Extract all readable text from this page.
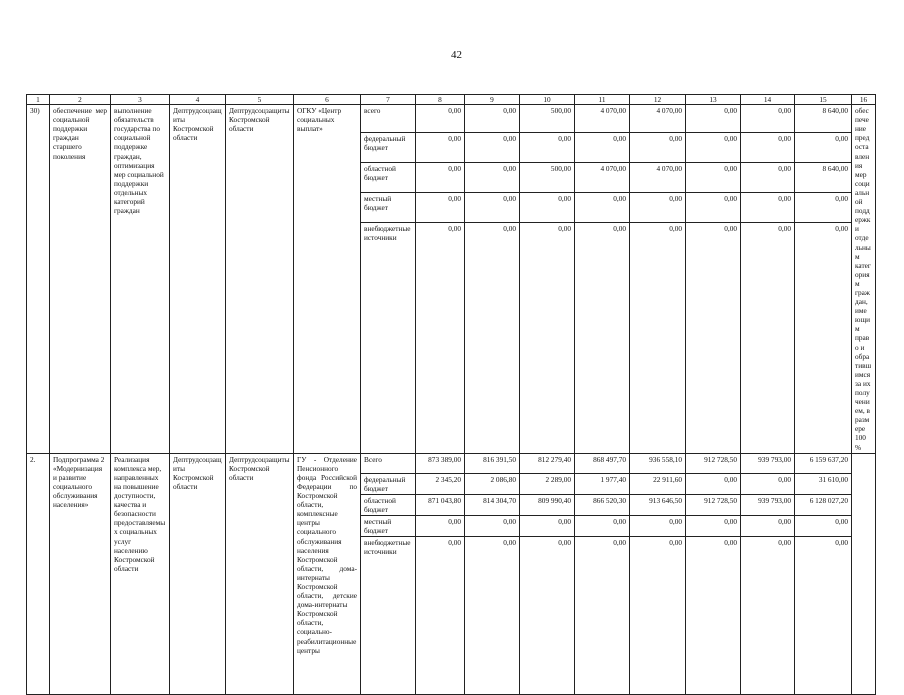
42
1	2	3	4	5	6	7	8	9	10	11	12	13	14	15	16
30)	обеспечение мер социальной поддержки граждан старшего поколения	выполнение обязательств государства по социальной поддержке граждан, оптимизация мер социальной поддержки отдельных категорий граждан	Дептрудсоцзащиты Костромской области	Дептрудсоцзащиты Костромской области	ОГКУ «Центр социальных выплат»	всего	0,00	0,00	500,00	4 070,00	4 070,00	0,00	0,00	8 640,00	обеспечение предоставления мер социальной поддержки отдельным категориям граждан, имеющим право и обратившимся за их получением, в размере 100%
						федеральный бюджет	0,00	0,00	0,00	0,00	0,00	0,00	0,00	0,00	
						областной бюджет	0,00	0,00	500,00	4 070,00	4 070,00	0,00	0,00	8 640,00	
						местный бюджет	0,00	0,00	0,00	0,00	0,00	0,00	0,00	0,00	
						внебюджетные источники	0,00	0,00	0,00	0,00	0,00	0,00	0,00	0,00	
2.	Подпрограмма 2 «Модернизация и развитие социального обслуживания населения»	Реализация комплекса мер, направленных на повышение доступности, качества и безопасности предоставляемых социальных услуг населению Костромской области	Дептрудсоцзащиты Костромской области	Дептрудсоцзащиты Костромской области	ГУ - Отделение Пенсионного фонда Российской Федерации по Костромской области, комплексные центры социального обслуживания населения Костромской области, дома-интернаты Костромской области, детские дома-интернаты Костромской области, социально-реабилитационные центры	Всего	873 389,00	816 391,50	812 279,40	868 497,70	936 558,10	912 728,50	939 793,00	6 159 637,20	
						федеральный бюджет	2 345,20	2 086,80	2 289,00	1 977,40	22 911,60	0,00	0,00	31 610,00	
						областной бюджет	871 043,80	814 304,70	809 990,40	866 520,30	913 646,50	912 728,50	939 793,00	6 128 027,20	
						местный бюджет	0,00	0,00	0,00	0,00	0,00	0,00	0,00	0,00	
						внебюджетные источники	0,00	0,00	0,00	0,00	0,00	0,00	0,00	0,00	
